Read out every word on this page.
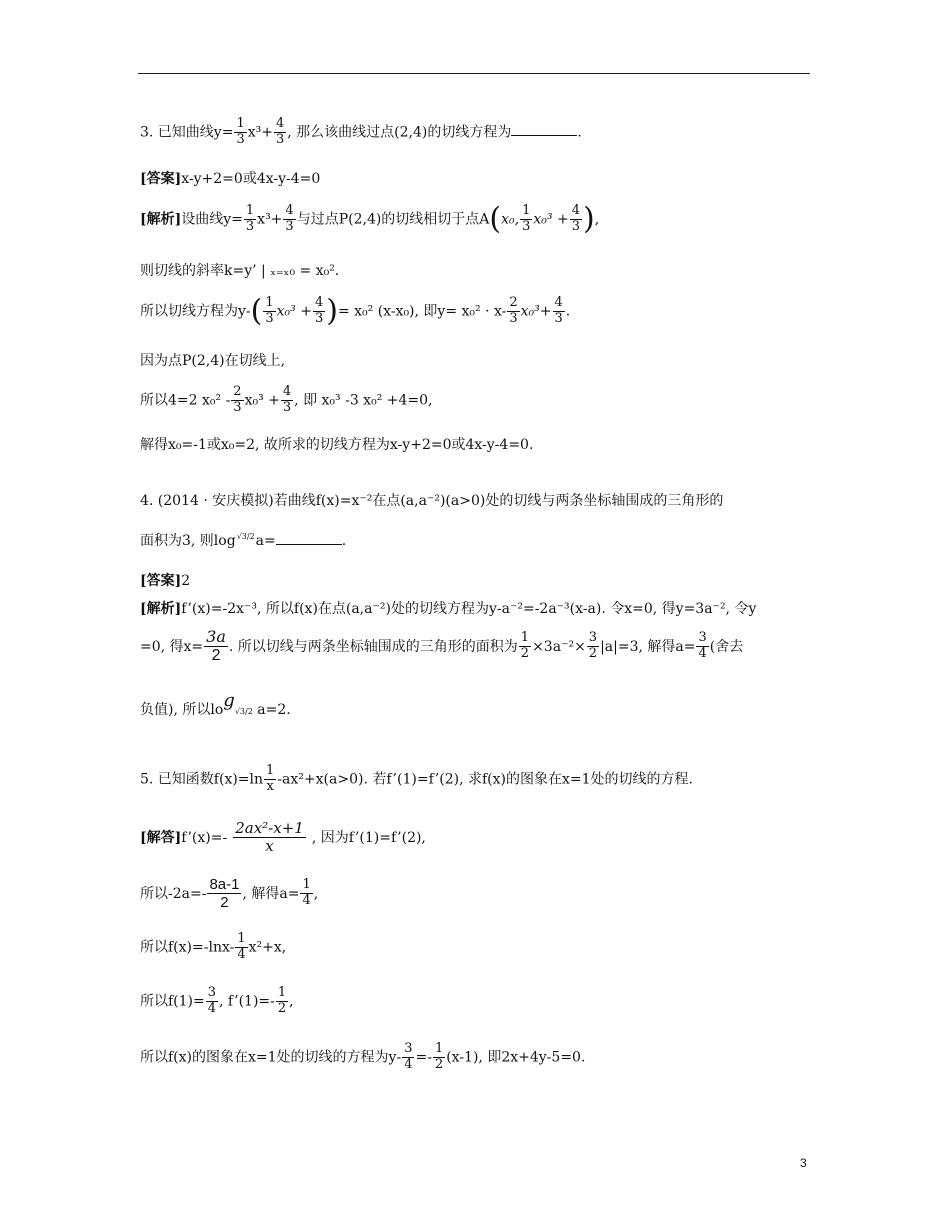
3. 已知曲线$y= \frac{1}{3} x^3+ \frac{4}{3}$ , 那么该曲线过点(2,4)的切线方程为	.
[答案]x-y+2=0或4x-y-4=0
[解析]设曲线$y= \frac{1}{3} x^3+ \frac{4}{3}$ 与过点P(2,4)的切线相切于点A(x₀, $\frac{1}{3} x_0^3 + \frac{4}{3}$ ),
则切线的斜率k=y’ | ₓ₌ₓ₀ = x₀².
所以切线方程为$y-( \frac{1}{3} x_0^3 + \frac{4}{3}$ )= x₀² (x-x₀), 即$y= x_0^2 \cdot x- \frac{2}{3} x_0^3+ \frac{4}{3}$ .
因为点P(2,4)在切线上,
所以4=2 $x_0^2 - \frac{2}{3} x_0^3 + \frac{4}{3}$ , 即 x₀³ -3 x₀² +4=0,
解得x₀=-1或x₀=2, 故所求的切线方程为x-y+2=0或4x-y-4=0.
4. (2014 · 安庆模拟)若曲线f(x)=x⁻²在点(a,a⁻²)(a>0)处的切线与两条坐标轴围成的三角形的
面积为3, 则log√3/2a=	.
[答案]2
[解析]f’(x)=-2x⁻³, 所以f(x)在点(a,a⁻²)处的切线方程为y-a⁻²=-2a⁻³(x-a). 令x=0, 得y=3a⁻², 令y
=0, 得$x= \frac{3a}{2}$ . 所以切线与两条坐标轴围成的三角形的面积为 $\frac{1}{2} \times 3a^{-2}\times \frac{3}{2} |a|=3$, 解得$a= \frac{3}{4}$ (舍去
负值), 所以log√3/2 a=2.
5. 已知函数$f(x)=\ln \frac{1}{x} -ax^2+x(a>0)$. 若f’(1)=f’(2), 求f(x)的图象在x=1处的切线的方程.
[解答]f’(x)=- $\frac{\text{2ax²-x+1}}{x}$ , 因为f’(1)=f’(2),
所以$-2a=- \frac{8a-1}{2}$ , 解得$a= \frac{1}{4}$ ,
所以$f(x)=-\ln x- \frac{1}{4} x^2+x$,
所以$f(1)= \frac{3}{4}$ , f’(1)=- $\frac{1}{2}$ ,
所以f(x)的图象在x=1处的切线的方程为$y- \frac{3}{4} =- \frac{1}{2} (x-1)$, 即2x+4y-5=0.
3
